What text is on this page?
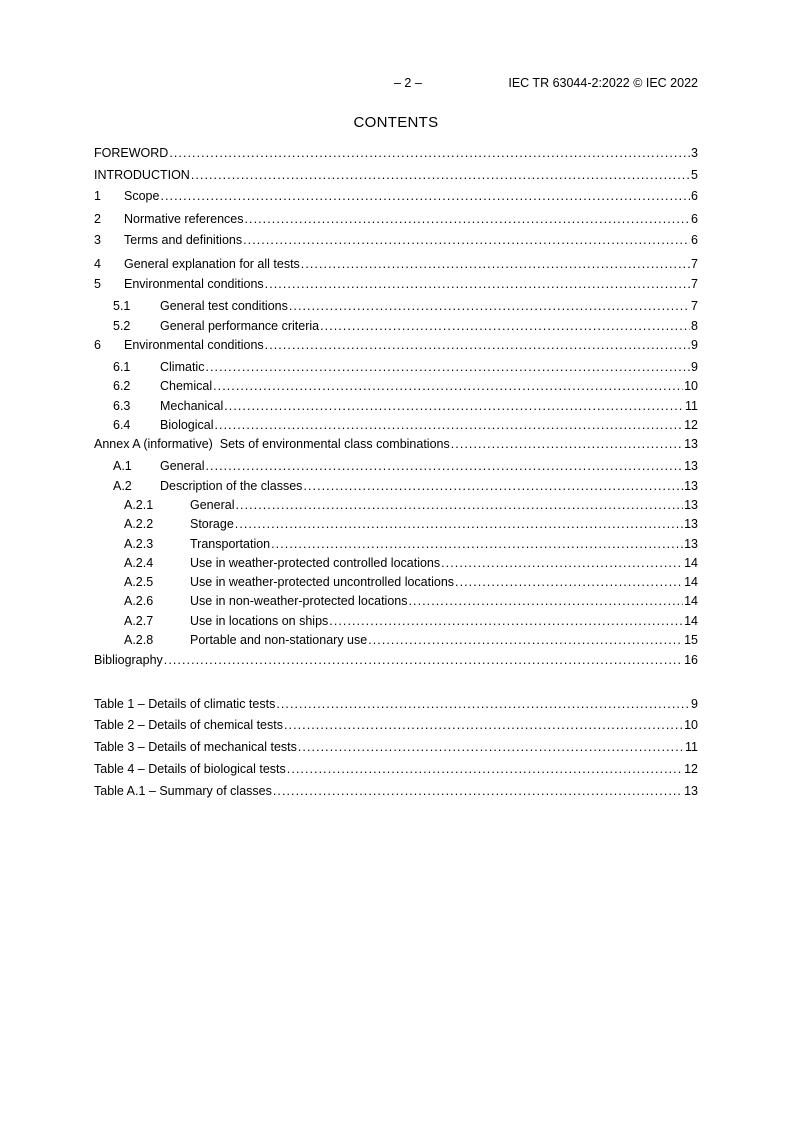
– 2 –	IEC TR 63044-2:2022 © IEC 2022
CONTENTS
FOREWORD . . .	3
INTRODUCTION . . .	5
1	Scope . . .	6
2	Normative references . . .	6
3	Terms and definitions . . .	6
4	General explanation for all tests . . .	7
5	Environmental conditions . . .	7
5.1	General test conditions . . .	7
5.2	General performance criteria . . .	8
6	Environmental conditions . . .	9
6.1	Climatic . . .	9
6.2	Chemical . . .	10
6.3	Mechanical . . .	11
6.4	Biological . . .	12
Annex A (informative)  Sets of environmental class combinations . . .	13
A.1	General . . .	13
A.2	Description of the classes . . .	13
A.2.1	General . . .	13
A.2.2	Storage . . .	13
A.2.3	Transportation . . .	13
A.2.4	Use in weather-protected controlled locations . . .	14
A.2.5	Use in weather-protected uncontrolled locations . . .	14
A.2.6	Use in non-weather-protected locations . . .	14
A.2.7	Use in locations on ships . . .	14
A.2.8	Portable and non-stationary use . . .	15
Bibliography . . .	16
Table 1 – Details of climatic tests . . .	9
Table 2 – Details of chemical tests . . .	10
Table 3 – Details of mechanical tests . . .	11
Table 4 – Details of biological tests . . .	12
Table A.1 – Summary of classes . . .	13
